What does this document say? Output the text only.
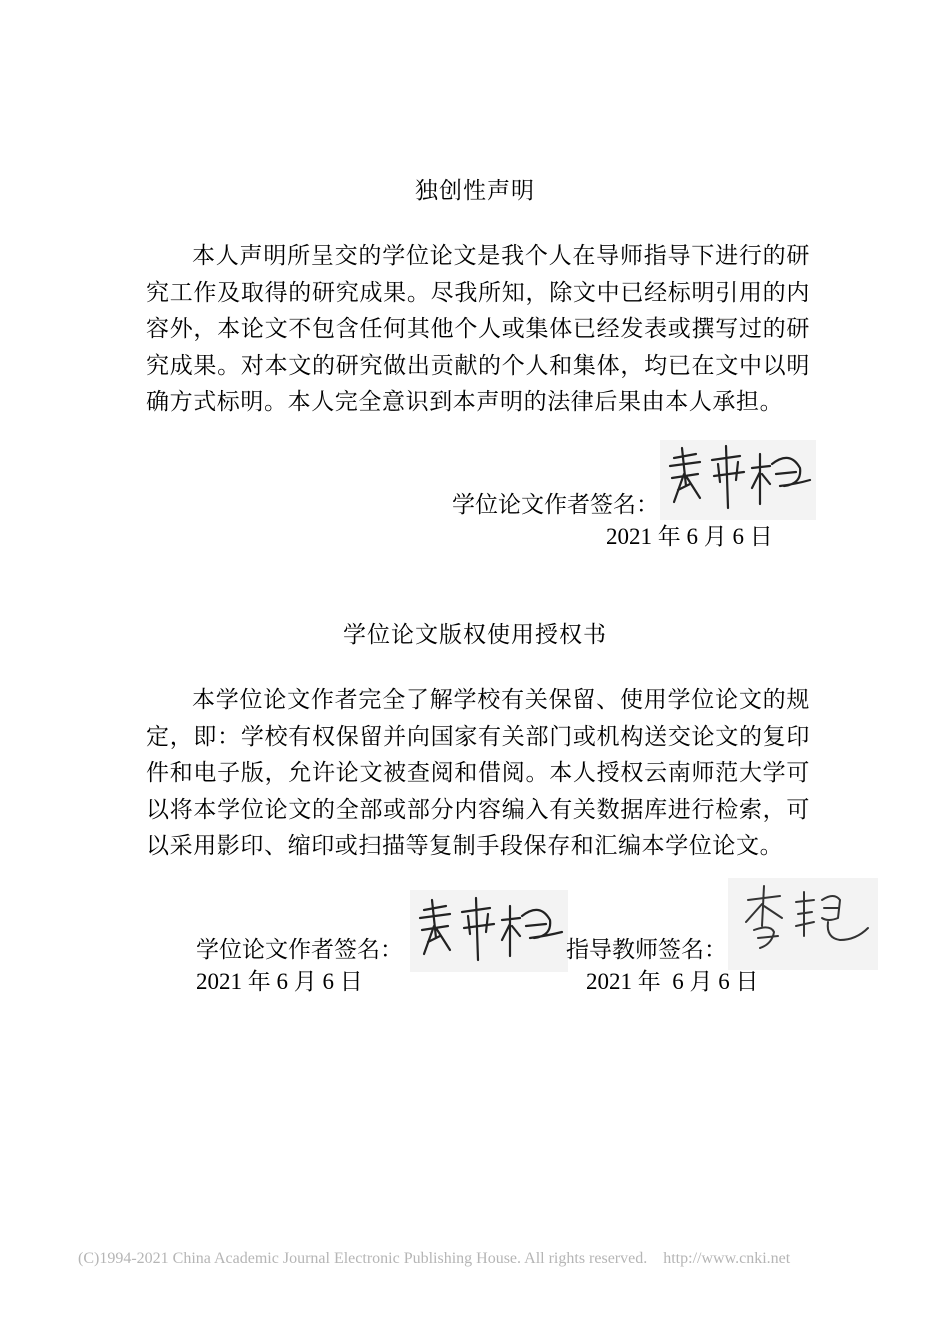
独创性声明

本人声明所呈交的学位论文是我个人在导师指导下进行的研究工作及取得的研究成果。尽我所知，除文中已经标明引用的内容外，本论文不包含任何其他个人或集体已经发表或撰写过的研究成果。对本文的研究做出贡献的个人和集体，均已在文中以明确方式标明。本人完全意识到本声明的法律后果由本人承担。

学位论文作者签名：
2021 年 6 月 6 日
学位论文版权使用授权书

本学位论文作者完全了解学校有关保留、使用学位论文的规定，即：学校有权保留并向国家有关部门或机构送交论文的复印件和电子版，允许论文被查阅和借阅。本人授权云南师范大学可以将本学位论文的全部或部分内容编入有关数据库进行检索，可以采用影印、缩印或扫描等复制手段保存和汇编本学位论文。

学位论文作者签名：	指导教师签名：
2021 年 6 月 6 日	2021 年  6 月 6 日
(C)1994-2021 China Academic Journal Electronic Publishing House. All rights reserved. http://www.cnki.net
